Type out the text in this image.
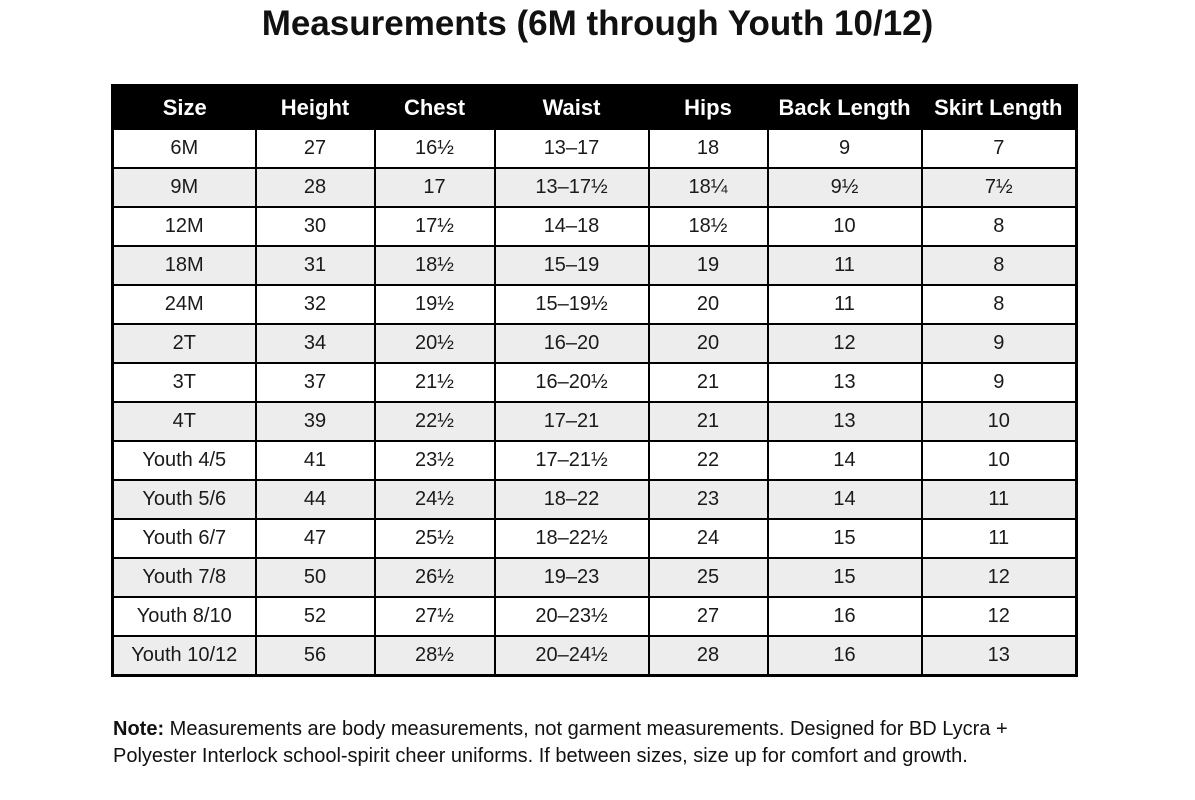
Measurements (6M through Youth 10/12)
Size	Height	Chest	Waist	Hips	Back Length	Skirt Length
6M	27	16½	13–17	18	9	7
9M	28	17	13–17½	18¼	9½	7½
12M	30	17½	14–18	18½	10	8
18M	31	18½	15–19	19	11	8
24M	32	19½	15–19½	20	11	8
2T	34	20½	16–20	20	12	9
3T	37	21½	16–20½	21	13	9
4T	39	22½	17–21	21	13	10
Youth 4/5	41	23½	17–21½	22	14	10
Youth 5/6	44	24½	18–22	23	14	11
Youth 6/7	47	25½	18–22½	24	15	11
Youth 7/8	50	26½	19–23	25	15	12
Youth 8/10	52	27½	20–23½	27	16	12
Youth 10/12	56	28½	20–24½	28	16	13
Note: Measurements are body measurements, not garment measurements. Designed for BD Lycra + Polyester Interlock school-spirit cheer uniforms. If between sizes, size up for comfort and growth.
